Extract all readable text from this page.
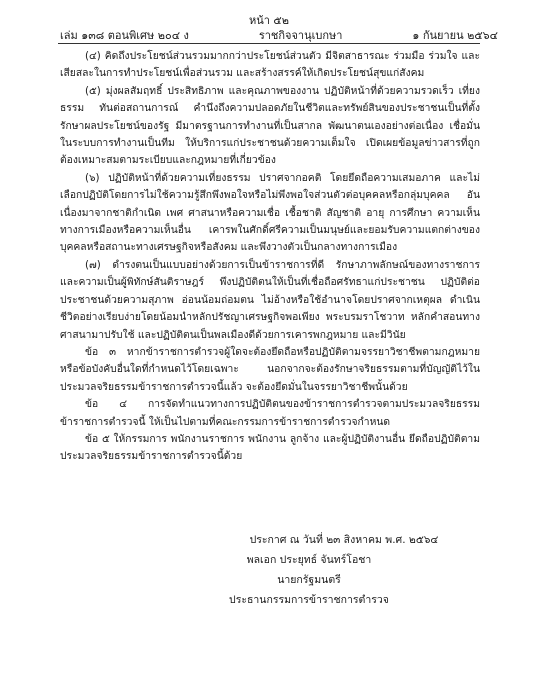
หน้า ๕๒
เล่ม ๑๓๘ ตอนพิเศษ ๒๐๔ ง	ราชกิจจานุเบกษา	๑ กันยายน ๒๕๖๔

(๔) คิดถึงประโยชน์ส่วนรวมมากกว่าประโยชน์ส่วนตัว มีจิตสาธารณะ ร่วมมือ ร่วมใจ และเสียสละในการทำประโยชน์เพื่อส่วนรวม และสร้างสรรค์ให้เกิดประโยชน์สุขแก่สังคม

(๕) มุ่งผลสัมฤทธิ์ ประสิทธิภาพ และคุณภาพของงาน ปฏิบัติหน้าที่ด้วยความรวดเร็ว เที่ยงธรรม ทันต่อสถานการณ์ คำนึงถึงความปลอดภัยในชีวิตและทรัพย์สินของประชาชนเป็นที่ตั้ง รักษาผลประโยชน์ของรัฐ มีมาตรฐานการทำงานที่เป็นสากล พัฒนาตนเองอย่างต่อเนื่อง เชื่อมั่นในระบบการทำงานเป็นทีม ให้บริการแก่ประชาชนด้วยความเต็มใจ เปิดเผยข้อมูลข่าวสารที่ถูกต้องเหมาะสมตามระเบียบและกฎหมายที่เกี่ยวข้อง

(๖) ปฏิบัติหน้าที่ด้วยความเที่ยงธรรม ปราศจากอคติ โดยยึดถือความเสมอภาค และไม่เลือกปฏิบัติโดยการไม่ใช้ความรู้สึกพึงพอใจหรือไม่พึงพอใจส่วนตัวต่อบุคคลหรือกลุ่มบุคคล อันเนื่องมาจากชาติกำเนิด เพศ ศาสนาหรือความเชื่อ เชื้อชาติ สัญชาติ อายุ การศึกษา ความเห็นทางการเมืองหรือความเห็นอื่น เคารพในศักดิ์ศรีความเป็นมนุษย์และยอมรับความแตกต่างของบุคคลหรือสถานะทางเศรษฐกิจหรือสังคม และพึงวางตัวเป็นกลางทางการเมือง

(๗) ดำรงตนเป็นแบบอย่างด้วยการเป็นข้าราชการที่ดี รักษาภาพลักษณ์ของทางราชการ และความเป็นผู้พิทักษ์สันติราษฎร์ พึงปฏิบัติตนให้เป็นที่เชื่อถือศรัทธาแก่ประชาชน ปฏิบัติต่อประชาชนด้วยความสุภาพ อ่อนน้อมถ่อมตน ไม่อ้างหรือใช้อำนาจโดยปราศจากเหตุผล ดำเนินชีวิตอย่างเรียบง่ายโดยน้อมนำหลักปรัชญาเศรษฐกิจพอเพียง พระบรมราโชวาท หลักคำสอนทางศาสนามาปรับใช้ และปฏิบัติตนเป็นพลเมืองดีด้วยการเคารพกฎหมาย และมีวินัย

ข้อ ๓ หากข้าราชการตำรวจผู้ใดจะต้องยึดถือหรือปฏิบัติตามจรรยาวิชาชีพตามกฎหมาย หรือข้อบังคับอื่นใดที่กำหนดไว้โดยเฉพาะ นอกจากจะต้องรักษาจริยธรรมตามที่บัญญัติไว้ในประมวลจริยธรรมข้าราชการตำรวจนี้แล้ว จะต้องยึดมั่นในจรรยาวิชาชีพนั้นด้วย

ข้อ ๔ การจัดทำแนวทางการปฏิบัติตนของข้าราชการตำรวจตามประมวลจริยธรรมข้าราชการตำรวจนี้ ให้เป็นไปตามที่คณะกรรมการข้าราชการตำรวจกำหนด

ข้อ ๕ ให้กรรมการ พนักงานราชการ พนักงาน ลูกจ้าง และผู้ปฏิบัติงานอื่น ยึดถือปฏิบัติตามประมวลจริยธรรมข้าราชการตำรวจนี้ด้วย

ประกาศ ณ วันที่ ๒๓ สิงหาคม พ.ศ. ๒๕๖๔
พลเอก ประยุทธ์ จันทร์โอชา
นายกรัฐมนตรี
ประธานกรรมการข้าราชการตำรวจ
